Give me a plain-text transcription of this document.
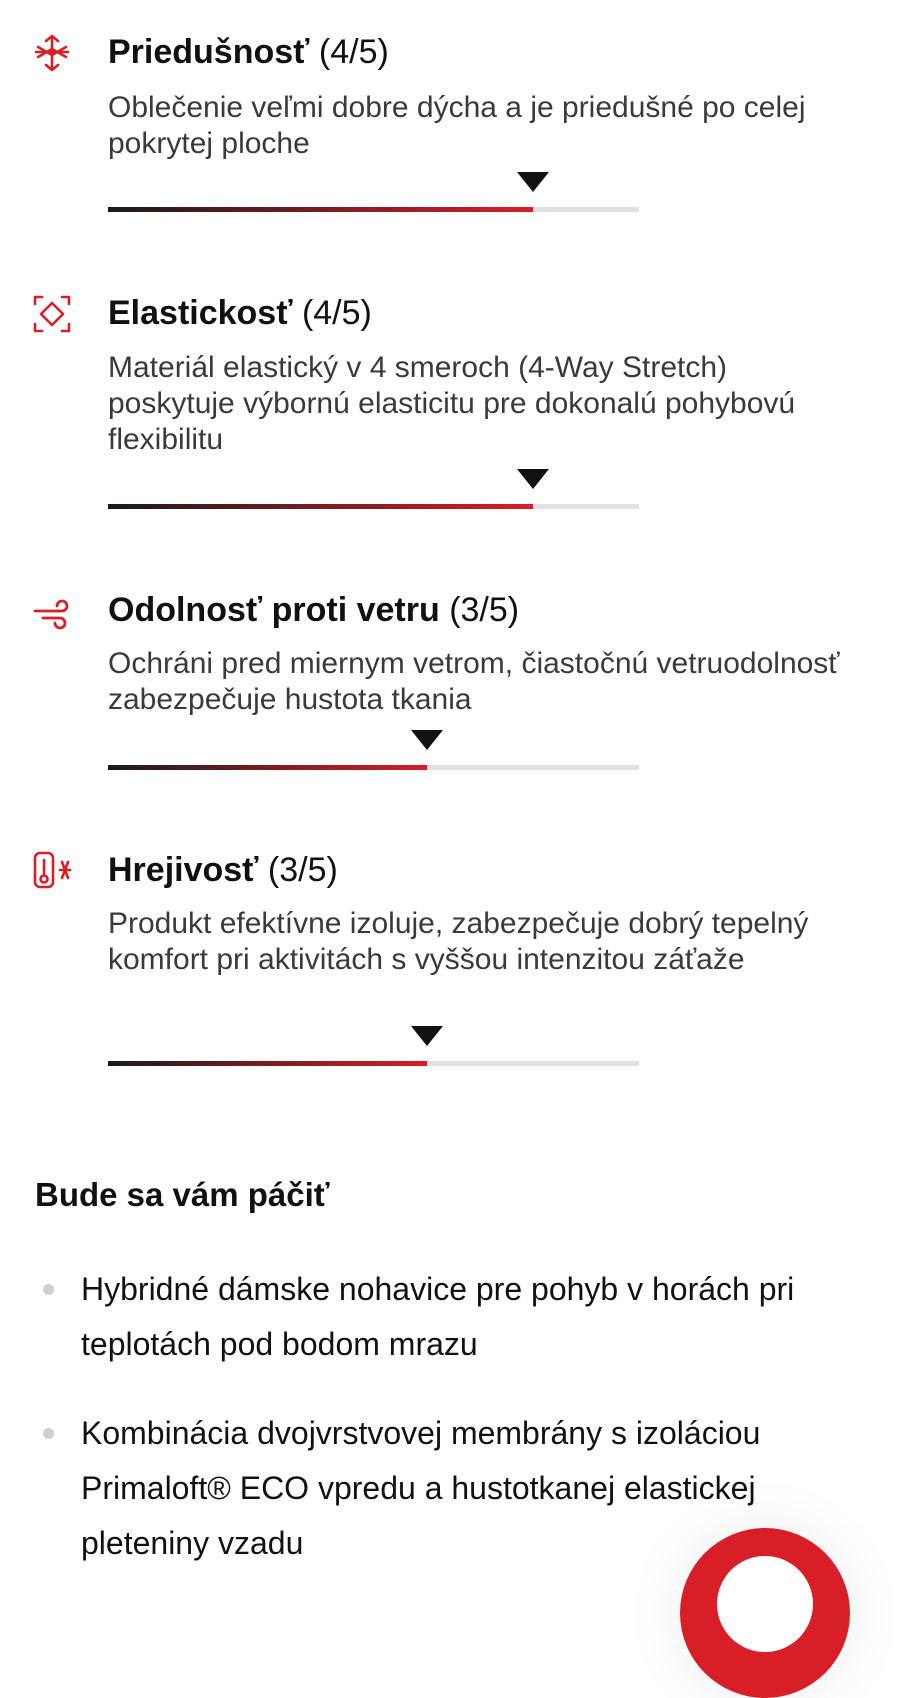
Priedušnosť (4/5)
Oblečenie veľmi dobre dýcha a je priedušné po celej pokrytej ploche
Elastickosť (4/5)
Materiál elastický v 4 smeroch (4-Way Stretch) poskytuje výbornú elasticitu pre dokonalú pohybovú flexibilitu
Odolnosť proti vetru (3/5)
Ochráni pred miernym vetrom, čiastočnú vetruodolnosť zabezpečuje hustota tkania
Hrejivosť (3/5)
Produkt efektívne izoluje, zabezpečuje dobrý tepelný komfort pri aktivitách s vyššou intenzitou záťaže
Bude sa vám páčiť
Hybridné dámske nohavice pre pohyb v horách pri teplotách pod bodom mrazu
Kombinácia dvojvrstvovej membrány s izoláciou Primaloft® ECO vpredu a hustotkanej elastickej pleteniny vzadu
